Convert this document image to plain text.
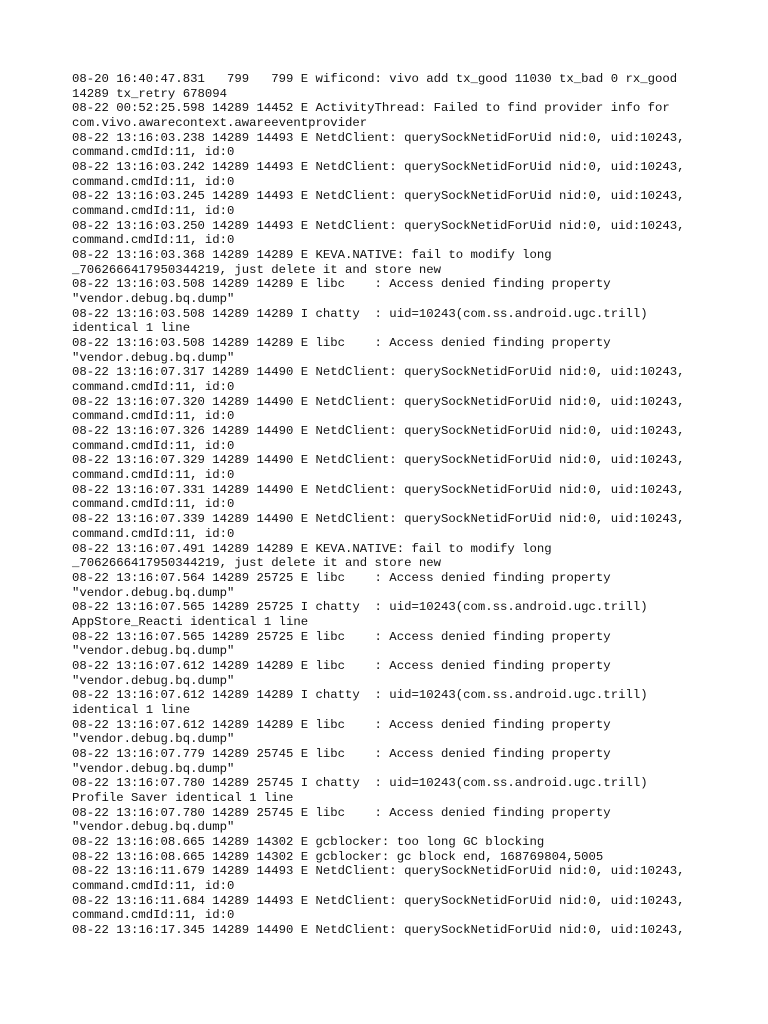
08-20 16:40:47.831   799   799 E wificond: vivo add tx_good 11030 tx_bad 0 rx_good
14289 tx_retry 678094
08-22 00:52:25.598 14289 14452 E ActivityThread: Failed to find provider info for
com.vivo.awarecontext.awareeventprovider
08-22 13:16:03.238 14289 14493 E NetdClient: querySockNetidForUid nid:0, uid:10243,
command.cmdId:11, id:0
08-22 13:16:03.242 14289 14493 E NetdClient: querySockNetidForUid nid:0, uid:10243,
command.cmdId:11, id:0
08-22 13:16:03.245 14289 14493 E NetdClient: querySockNetidForUid nid:0, uid:10243,
command.cmdId:11, id:0
08-22 13:16:03.250 14289 14493 E NetdClient: querySockNetidForUid nid:0, uid:10243,
command.cmdId:11, id:0
08-22 13:16:03.368 14289 14289 E KEVA.NATIVE: fail to modify long
_7062666417950344219, just delete it and store new
08-22 13:16:03.508 14289 14289 E libc    : Access denied finding property
"vendor.debug.bq.dump"
08-22 13:16:03.508 14289 14289 I chatty  : uid=10243(com.ss.android.ugc.trill)
identical 1 line
08-22 13:16:03.508 14289 14289 E libc    : Access denied finding property
"vendor.debug.bq.dump"
08-22 13:16:07.317 14289 14490 E NetdClient: querySockNetidForUid nid:0, uid:10243,
command.cmdId:11, id:0
08-22 13:16:07.320 14289 14490 E NetdClient: querySockNetidForUid nid:0, uid:10243,
command.cmdId:11, id:0
08-22 13:16:07.326 14289 14490 E NetdClient: querySockNetidForUid nid:0, uid:10243,
command.cmdId:11, id:0
08-22 13:16:07.329 14289 14490 E NetdClient: querySockNetidForUid nid:0, uid:10243,
command.cmdId:11, id:0
08-22 13:16:07.331 14289 14490 E NetdClient: querySockNetidForUid nid:0, uid:10243,
command.cmdId:11, id:0
08-22 13:16:07.339 14289 14490 E NetdClient: querySockNetidForUid nid:0, uid:10243,
command.cmdId:11, id:0
08-22 13:16:07.491 14289 14289 E KEVA.NATIVE: fail to modify long
_7062666417950344219, just delete it and store new
08-22 13:16:07.564 14289 25725 E libc    : Access denied finding property
"vendor.debug.bq.dump"
08-22 13:16:07.565 14289 25725 I chatty  : uid=10243(com.ss.android.ugc.trill)
AppStore_Reacti identical 1 line
08-22 13:16:07.565 14289 25725 E libc    : Access denied finding property
"vendor.debug.bq.dump"
08-22 13:16:07.612 14289 14289 E libc    : Access denied finding property
"vendor.debug.bq.dump"
08-22 13:16:07.612 14289 14289 I chatty  : uid=10243(com.ss.android.ugc.trill)
identical 1 line
08-22 13:16:07.612 14289 14289 E libc    : Access denied finding property
"vendor.debug.bq.dump"
08-22 13:16:07.779 14289 25745 E libc    : Access denied finding property
"vendor.debug.bq.dump"
08-22 13:16:07.780 14289 25745 I chatty  : uid=10243(com.ss.android.ugc.trill)
Profile Saver identical 1 line
08-22 13:16:07.780 14289 25745 E libc    : Access denied finding property
"vendor.debug.bq.dump"
08-22 13:16:08.665 14289 14302 E gcblocker: too long GC blocking
08-22 13:16:08.665 14289 14302 E gcblocker: gc block end, 168769804,5005
08-22 13:16:11.679 14289 14493 E NetdClient: querySockNetidForUid nid:0, uid:10243,
command.cmdId:11, id:0
08-22 13:16:11.684 14289 14493 E NetdClient: querySockNetidForUid nid:0, uid:10243,
command.cmdId:11, id:0
08-22 13:16:17.345 14289 14490 E NetdClient: querySockNetidForUid nid:0, uid:10243,
